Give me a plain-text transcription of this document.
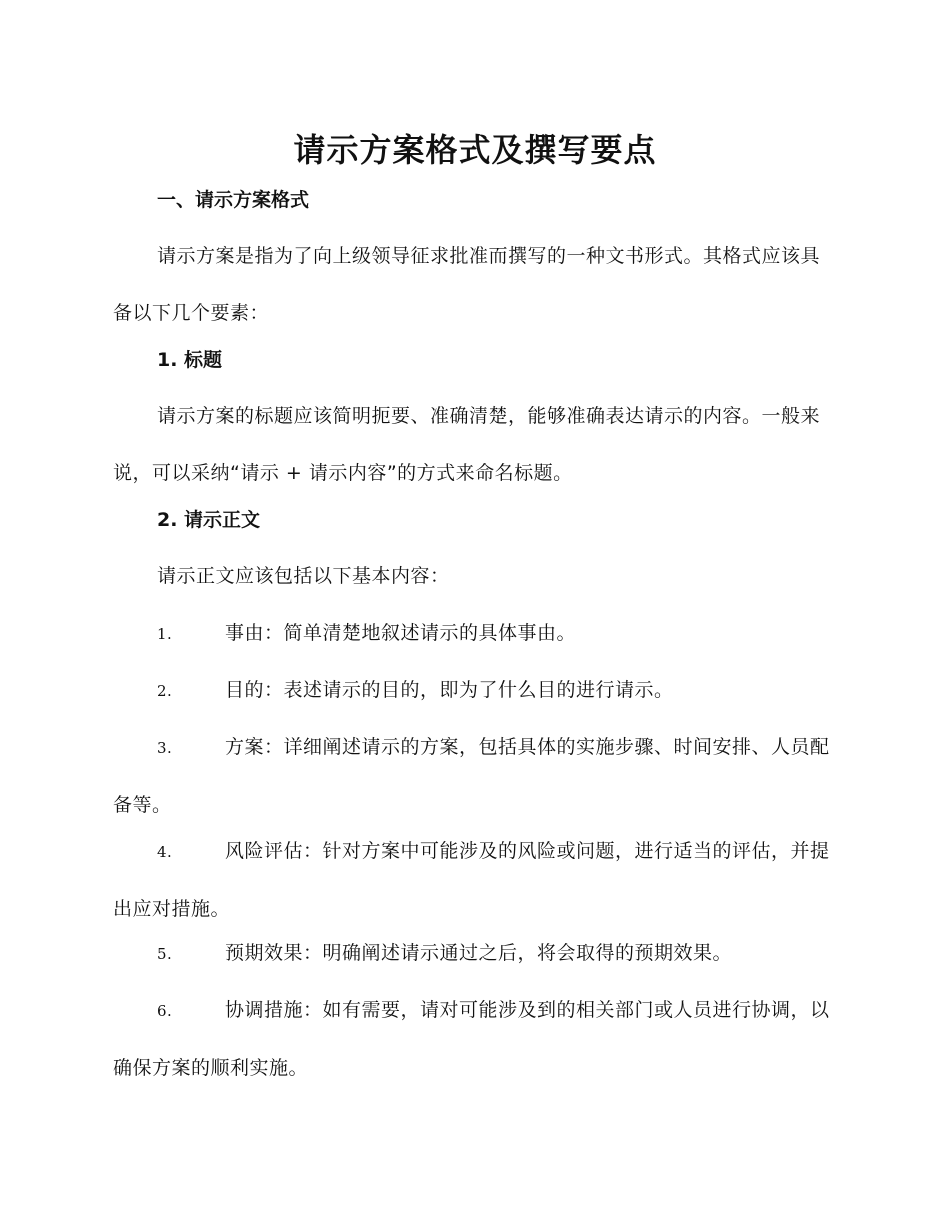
请示方案格式及撰写要点
一、请示方案格式

请示方案是指为了向上级领导征求批准而撰写的一种文书形式。其格式应该具备以下几个要素：

1. 标题

请示方案的标题应该简明扼要、准确清楚，能够准确表达请示的内容。一般来说，可以采纳“请示 + 请示内容”的方式来命名标题。

2. 请示正文

请示正文应该包括以下基本内容：

1.	事由：简单清楚地叙述请示的具体事由。

2.	目的：表述请示的目的，即为了什么目的进行请示。

3.	方案：详细阐述请示的方案，包括具体的实施步骤、时间安排、人员配备等。

4.	风险评估：针对方案中可能涉及的风险或问题，进行适当的评估，并提出应对措施。

5.	预期效果：明确阐述请示通过之后，将会取得的预期效果。

6.	协调措施：如有需要，请对可能涉及到的相关部门或人员进行协调，以确保方案的顺利实施。
